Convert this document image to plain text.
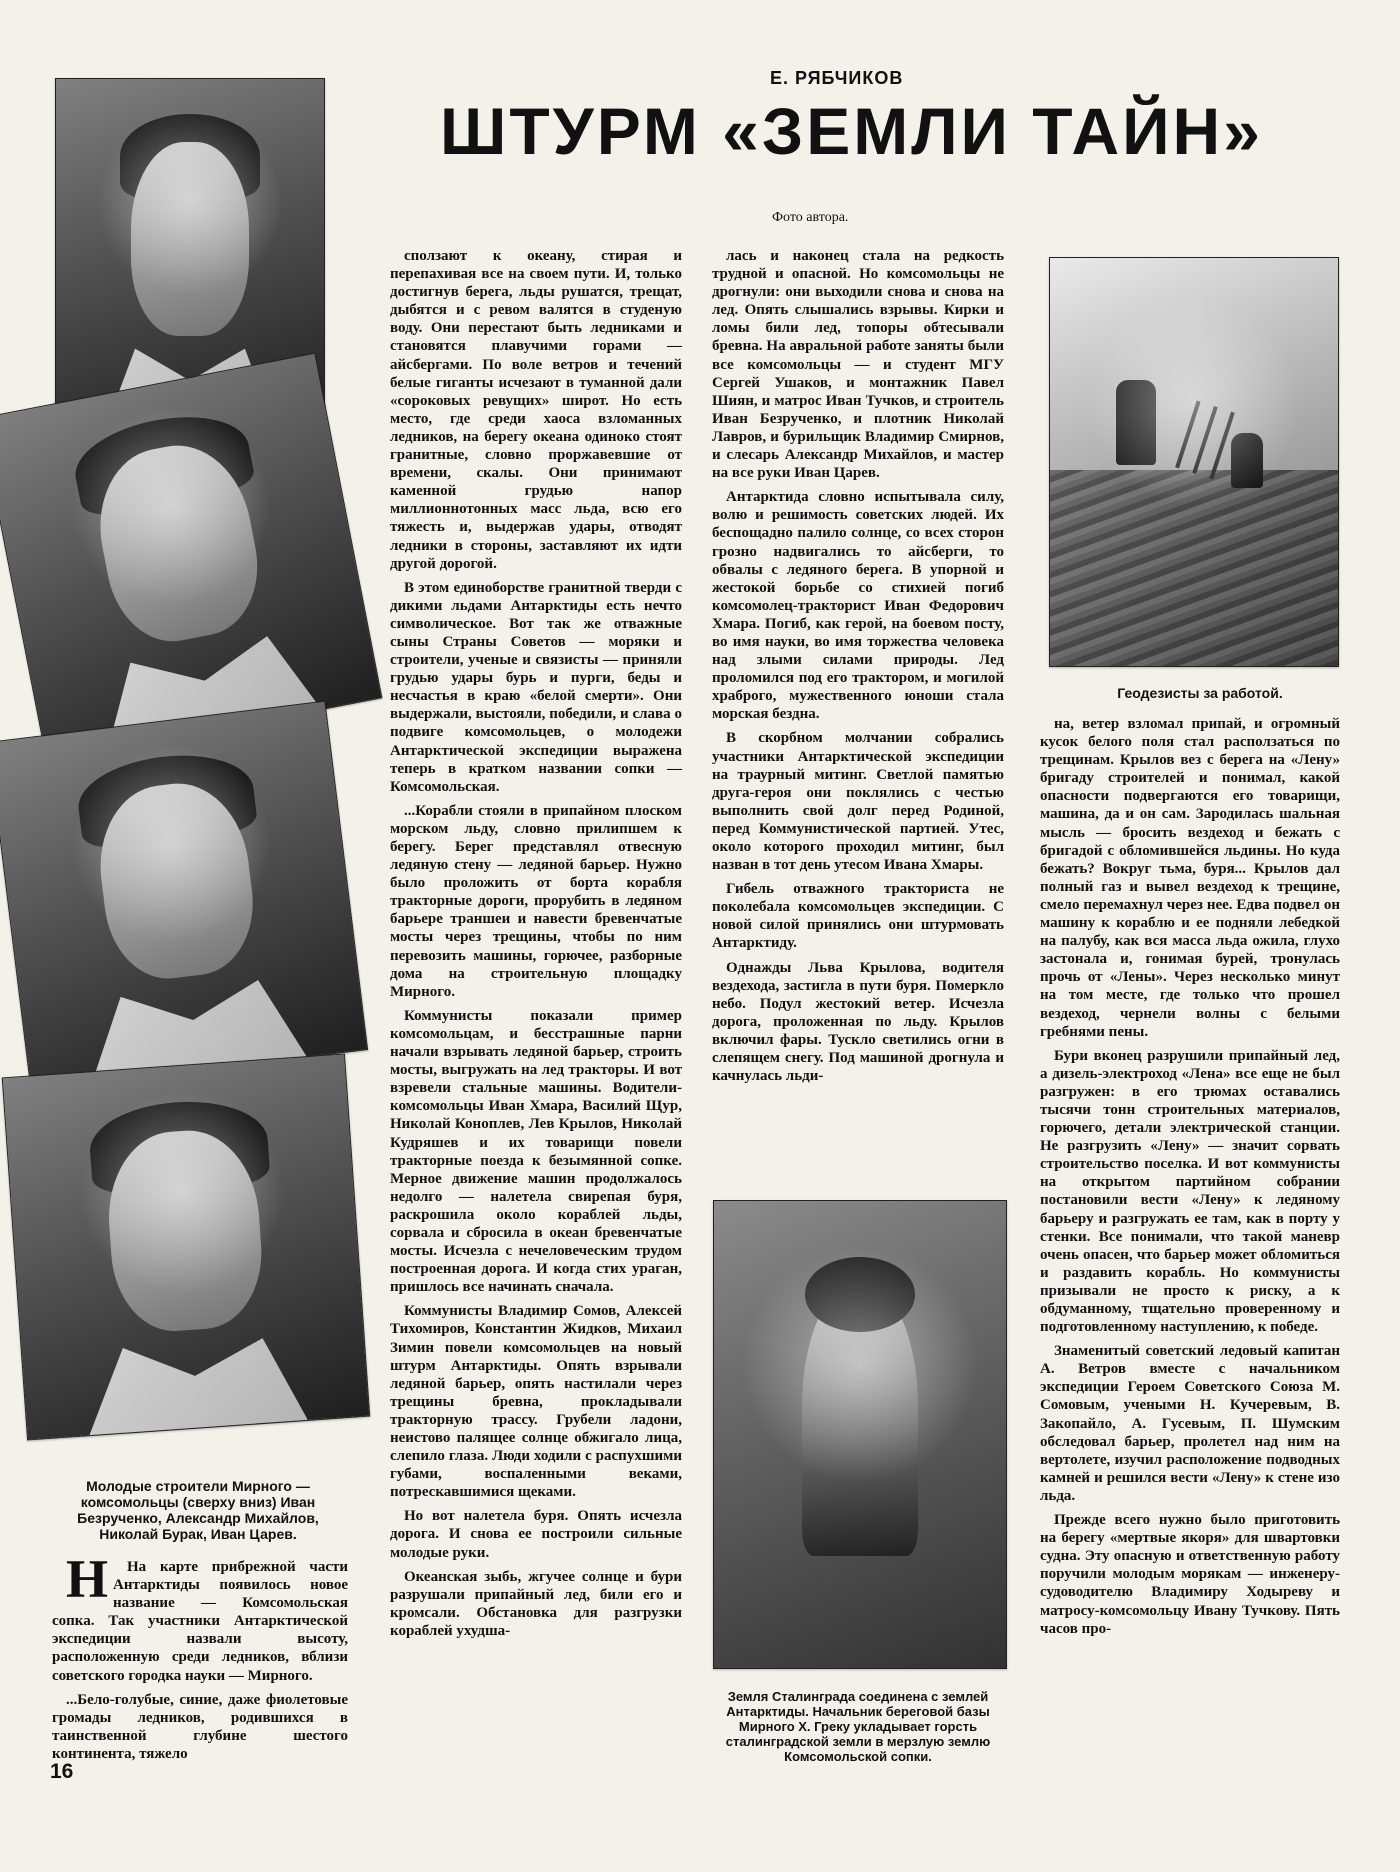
Е. РЯБЧИКОВ
ШТУРМ «ЗЕМЛИ ТАЙН»
Фото автора.
Молодые строители Мирного — комсомольцы (сверху вниз) Иван Безрученко, Александр Михайлов, Николай Бурак, Иван Царев.
Геодезисты за работой.
Земля Сталинграда соединена с землей Антарктиды. Начальник береговой базы Мирного Х. Греку укладывает горсть сталинградской земли в мерзлую землю Комсомольской сопки.

Н	На карте прибрежной части Антарктиды появилось новое название — Комсомольская сопка. Так участники Антарктической экспедиции назвали высоту, расположенную среди ледников, вблизи советского городка науки — Мирного.

...Бело-голубые, синие, даже фиолетовые громады ледников, родившихся в таинственной глубине шестого континента, тяжело

сползают к океану, стирая и перепахивая все на своем пути. И, только достигнув берега, льды рушатся, трещат, дыбятся и с ревом валятся в студеную воду. Они перестают быть ледниками и становятся плавучими горами — айсбергами. По воле ветров и течений белые гиганты исчезают в туманной дали «сороковых ревущих» широт. Но есть место, где среди хаоса взломанных ледников, на берегу океана одиноко стоят гранитные, словно проржавевшие от времени, скалы. Они принимают каменной грудью напор миллионнотонных масс льда, всю его тяжесть и, выдержав удары, отводят ледники в стороны, заставляют их идти другой дорогой.

В этом единоборстве гранитной тверди с дикими льдами Антарктиды есть нечто символическое. Вот так же отважные сыны Страны Советов — моряки и строители, ученые и связисты — приняли грудью удары бурь и пурги, беды и несчастья в краю «белой смерти». Они выдержали, выстояли, победили, и слава о подвиге комсомольцев, о молодежи Антарктической экспедиции выражена теперь в кратком названии сопки — Комсомольская.

...Корабли стояли в припайном плоском морском льду, словно прилипшем к берегу. Берег представлял отвесную ледяную стену — ледяной барьер. Нужно было проложить от борта корабля тракторные дороги, прорубить в ледяном барьере траншеи и навести бревенчатые мосты через трещины, чтобы по ним перевозить машины, горючее, разборные дома на строительную площадку Мирного.

Коммунисты показали пример комсомольцам, и бесстрашные парни начали взрывать ледяной барьер, строить мосты, выгружать на лед тракторы. И вот взревели стальные машины. Водители-комсомольцы Иван Хмара, Василий Щур, Николай Коноплев, Лев Крылов, Николай Кудряшев и их товарищи повели тракторные поезда к безымянной сопке. Мерное движение машин продолжалось недолго — налетела свирепая буря, раскрошила около кораблей льды, сорвала и сбросила в океан бревенчатые мосты. Исчезла с нечеловеческим трудом построенная дорога. И когда стих ураган, пришлось все начинать сначала.

Коммунисты Владимир Сомов, Алексей Тихомиров, Константин Жидков, Михаил Зимин повели комсомольцев на новый штурм Антарктиды. Опять взрывали ледяной барьер, опять настилали через трещины бревна, прокладывали тракторную трассу. Грубели ладони, неистово палящее солнце обжигало лица, слепило глаза. Люди ходили с распухшими губами, воспаленными веками, потрескавшимися щеками.

Но вот налетела буря. Опять исчезла дорога. И снова ее построили сильные молодые руки.

Океанская зыбь, жгучее солнце и бури разрушали припайный лед, били его и кромсали. Обстановка для разгрузки кораблей ухудша-

лась и наконец стала на редкость трудной и опасной. Но комсомольцы не дрогнули: они выходили снова и снова на лед. Опять слышались взрывы. Кирки и ломы били лед, топоры обтесывали бревна. На авральной работе заняты были все комсомольцы — и студент МГУ Сергей Ушаков, и монтажник Павел Шиян, и матрос Иван Тучков, и строитель Иван Безрученко, и плотник Николай Лавров, и бурильщик Владимир Смирнов, и слесарь Александр Михайлов, и мастер на все руки Иван Царев.

Антарктида словно испытывала силу, волю и решимость советских людей. Их беспощадно палило солнце, со всех сторон грозно надвигались то айсберги, то обвалы с ледяного берега. В упорной и жестокой борьбе со стихией погиб комсомолец-тракторист Иван Федорович Хмара. Погиб, как герой, на боевом посту, во имя науки, во имя торжества человека над злыми силами природы. Лед проломился под его трактором, и могилой храброго, мужественного юноши стала морская бездна.

В скорбном молчании собрались участники Антарктической экспедиции на траурный митинг. Светлой памятью друга-героя они поклялись с честью выполнить свой долг перед Родиной, перед Коммунистической партией. Утес, около которого проходил митинг, был назван в тот день утесом Ивана Хмары.

Гибель отважного тракториста не поколебала комсомольцев экспедиции. С новой силой принялись они штурмовать Антарктиду.

Однажды Льва Крылова, водителя вездехода, застигла в пути буря. Померкло небо. Подул жестокий ветер. Исчезла дорога, проложенная по льду. Крылов включил фары. Тускло светились огни в слепящем снегу. Под машиной дрогнула и качнулась льди-

на, ветер взломал припай, и огромный кусок белого поля стал расползаться по трещинам. Крылов вез с берега на «Лену» бригаду строителей и понимал, какой опасности подвергаются его товарищи, машина, да и он сам. Зародилась шальная мысль — бросить вездеход и бежать с бригадой с обломившейся льдины. Но куда бежать? Вокруг тьма, буря... Крылов дал полный газ и вывел вездеход к трещине, смело перемахнул через нее. Едва подвел он машину к кораблю и ее подняли лебедкой на палубу, как вся масса льда ожила, глухо застонала и, гонимая бурей, тронулась прочь от «Лены». Через несколько минут на том месте, где только что прошел вездеход, чернели волны с белыми гребнями пены.

Бури вконец разрушили припайный лед, а дизель-электроход «Лена» все еще не был разгружен: в его трюмах оставались тысячи тонн строительных материалов, горючего, детали электрической станции. Не разгрузить «Лену» — значит сорвать строительство поселка. И вот коммунисты на открытом партийном собрании постановили вести «Лену» к ледяному барьеру и разгружать ее там, как в порту у стенки. Все понимали, что такой маневр очень опасен, что барьер может обломиться и раздавить корабль. Но коммунисты призывали не просто к риску, а к обдуманному, тщательно проверенному и подготовленному наступлению, к победе.

Знаменитый советский ледовый капитан А. Ветров вместе с начальником экспедиции Героем Советского Союза М. Сомовым, учеными Н. Кучеревым, В. Закопайло, А. Гусевым, П. Шумским обследовал барьер, пролетел над ним на вертолете, изучил расположение подводных камней и решился вести «Лену» к стене изо льда.

Прежде всего нужно было приготовить на берегу «мертвые якоря» для швартовки судна. Эту опасную и ответственную работу поручили молодым морякам — инженеру-судоводителю Владимиру Ходыреву и матросу-комсомольцу Ивану Тучкову. Пять часов про-

16
